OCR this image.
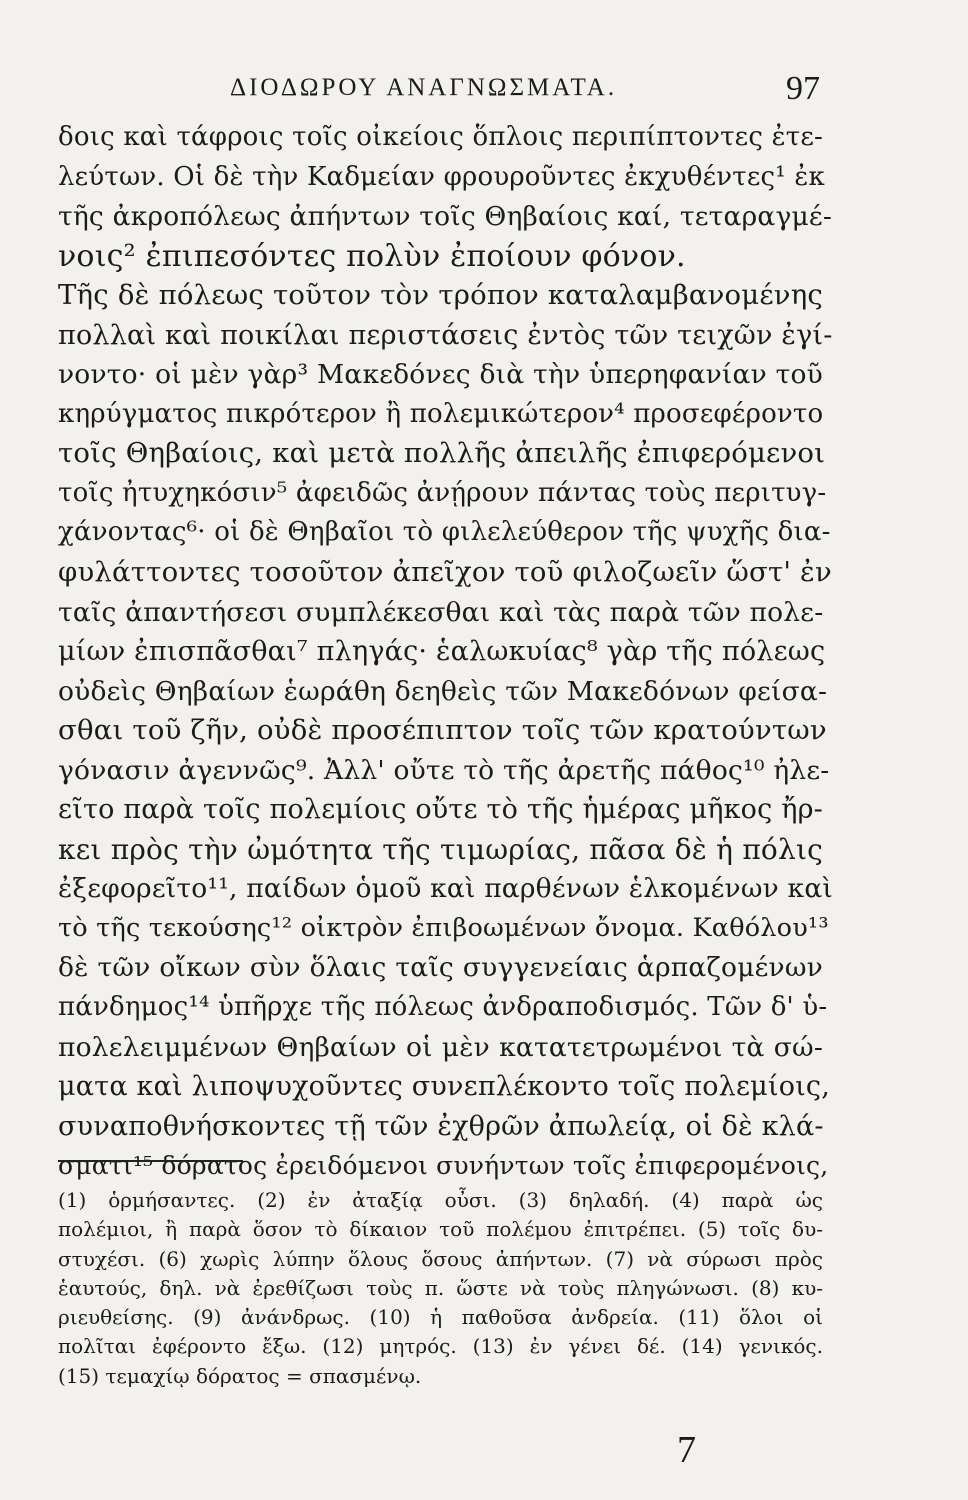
ΔΙΟΔΩΡΟΥ ΑΝΑΓΝΩΣΜΑΤΑ.	97
δοις καὶ τάφροις τοῖς οἰκείοις ὅπλοις περιπίπτοντες ἐτε-
λεύτων. Οἱ δὲ τὴν Καδμείαν φρουροῦντες ἐκχυθέντες¹ ἐκ
τῆς ἀκροπόλεως ἀπήντων τοῖς Θηβαίοις καί, τεταραγμέ-
νοις² ἐπιπεσόντες πολὺν ἐποίουν φόνον.
Τῆς δὲ πόλεως τοῦτον τὸν τρόπον καταλαμβανομένης
πολλαὶ καὶ ποικίλαι περιστάσεις ἐντὸς τῶν τειχῶν ἐγί-
νοντο· οἱ μὲν γὰρ³ Μακεδόνες διὰ τὴν ὑπερηφανίαν τοῦ
κηρύγματος πικρότερον ἢ πολεμικώτερον⁴ προσεφέροντο
τοῖς Θηβαίοις, καὶ μετὰ πολλῆς ἀπειλῆς ἐπιφερόμενοι
τοῖς ἠτυχηκόσιν⁵ ἀφειδῶς ἀνῄρουν πάντας τοὺς περιτυγ-
χάνοντας⁶· οἱ δὲ Θηβαῖοι τὸ φιλελεύθερον τῆς ψυχῆς δια-
φυλάττοντες τοσοῦτον ἀπεῖχον τοῦ φιλοζωεῖν ὥστ' ἐν
ταῖς ἀπαντήσεσι συμπλέκεσθαι καὶ τὰς παρὰ τῶν πολε-
μίων ἐπισπᾶσθαι⁷ πληγάς· ἑαλωκυίας⁸ γὰρ τῆς πόλεως
οὐδεὶς Θηβαίων ἑωράθη δεηθεὶς τῶν Μακεδόνων φείσα-
σθαι τοῦ ζῆν, οὐδὲ προσέπιπτον τοῖς τῶν κρατούντων
γόνασιν ἀγεννῶς⁹. Ἀλλ' οὔτε τὸ τῆς ἀρετῆς πάθος¹⁰ ἠλε-
εῖτο παρὰ τοῖς πολεμίοις οὔτε τὸ τῆς ἡμέρας μῆκος ἤρ-
κει πρὸς τὴν ὠμότητα τῆς τιμωρίας, πᾶσα δὲ ἡ πόλις
ἐξεφορεῖτο¹¹, παίδων ὁμοῦ καὶ παρθένων ἑλκομένων καὶ
τὸ τῆς τεκούσης¹² οἰκτρὸν ἐπιβοωμένων ὄνομα. Καθόλου¹³
δὲ τῶν οἴκων σὺν ὅλαις ταῖς συγγενείαις ἁρπαζομένων
πάνδημος¹⁴ ὑπῆρχε τῆς πόλεως ἀνδραποδισμός. Τῶν δ' ὑ-
πολελειμμένων Θηβαίων οἱ μὲν κατατετρωμένοι τὰ σώ-
ματα καὶ λιποψυχοῦντες συνεπλέκοντο τοῖς πολεμίοις,
συναποθνήσκοντες τῇ τῶν ἐχθρῶν ἀπωλείᾳ, οἱ δὲ κλά-
σματι¹⁵ δόρατος ἐρειδόμενοι συνήντων τοῖς ἐπιφερομένοις,
(1) ὁρμήσαντες. (2) ἐν ἀταξίᾳ οὖσι. (3) δηλαδή. (4) παρὰ ὡς
πολέμιοι, ἢ παρὰ ὅσον τὸ δίκαιον τοῦ πολέμου ἐπιτρέπει. (5) τοῖς δυ-
στυχέσι. (6) χωρὶς λύπην ὅλους ὅσους ἀπήντων. (7) νὰ σύρωσι πρὸς
ἑαυτούς, δηλ. νὰ ἐρεθίζωσι τοὺς π. ὥστε νὰ τοὺς πληγώνωσι. (8) κυ-
ριευθείσης. (9) ἀνάνδρως. (10) ἡ παθοῦσα ἀνδρεία. (11) ὅλοι οἱ
πολῖται ἐφέροντο ἔξω. (12) μητρός. (13) ἐν γένει δέ. (14) γενικός.
(15) τεμαχίῳ δόρατος = σπασμένῳ.
7
